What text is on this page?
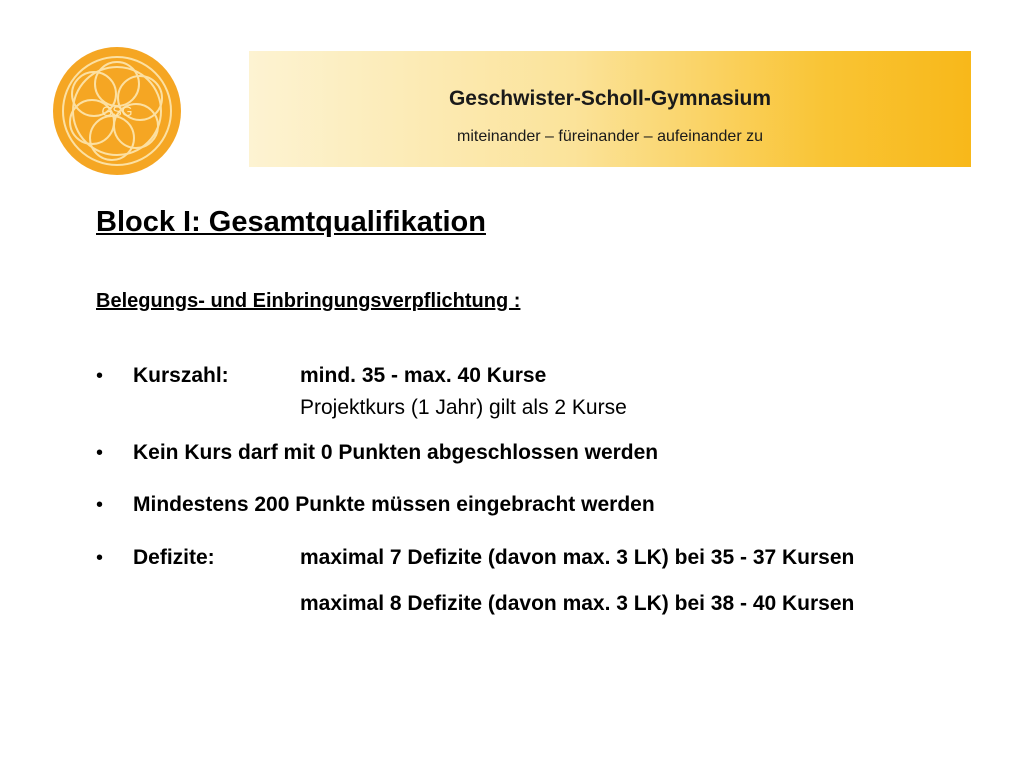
GSG
Geschwister-Scholl-Gymnasium
miteinander – füreinander – aufeinander zu
Block I: Gesamtqualifikation
Belegungs- und Einbringungsverpflichtung :
• Kurszahl:	mind. 35 - max. 40 Kurse
Projektkurs (1 Jahr) gilt als 2 Kurse
• Kein Kurs darf mit 0 Punkten abgeschlossen werden
• Mindestens 200 Punkte müssen eingebracht werden
• Defizite:	maximal 7 Defizite (davon max. 3 LK) bei 35 - 37 Kursen
maximal 8 Defizite (davon max. 3 LK) bei 38 - 40 Kursen
